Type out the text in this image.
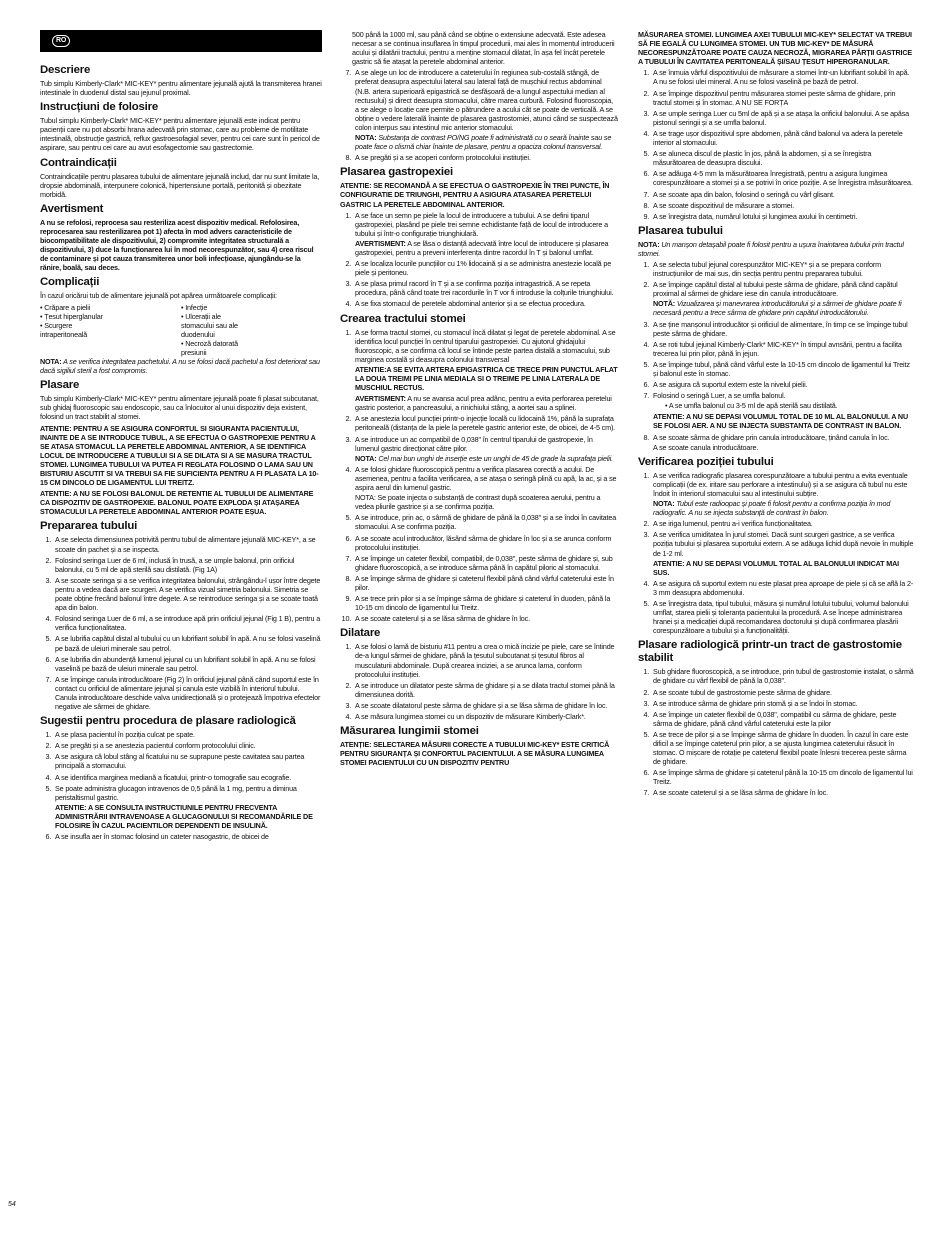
RO
Descriere

Tub simplu Kimberly-Clark* MIC-KEY* pentru alimentare jejunală ajută la transmiterea hranei intestinale în duodenul distal sau jejunul proximal.

Instrucțiuni de folosire

Tubul simplu Kimberly-Clark* MIC-KEY* pentru alimentare jejunală este indicat pentru pacienții care nu pot absorbi hrana adecvată prin stomac, care au probleme de motilitate intestinală, obstrucție gastrică, reflux gastroesofagial sever, pentru cei care sunt în pericol de aspirare, sau pentru cei care au avut esofagectomie sau gastrectomie.

Contraindicații

Contraindicațiile pentru plasarea tubului de alimentare jejunală includ, dar nu sunt limitate la, dropsie abdominală, interpunere colonică, hipertensiune portală, peritonită și obezitate morbidă.

Avertisment

A nu se refolosi, reprocesa sau resteriliza acest dispozitiv medical. Refolosirea, reprocesarea sau resterilizarea pot 1) afecta în mod advers caracteristicile de biocompatibilitate ale dispozitivului, 2) compromite integritatea structurală a dispozitivului, 3) duce la funcționarea lui în mod necorespunzător, sau 4) crea riscul de contaminare și pot cauza transmiterea unor boli infecțioase, ajungându-se la rănire, boală, sau deces.

Complicații

În cazul oricărui tub de alimentare jejunală pot apărea următoarele complicații:

• Crăpare a pielii
• Țesut hiperglanular
• Scurgere intraperitoneală
• Infecție
• Ulcerații ale stomacului sau ale duodenului
• Necroză datorată presiunii

NOTA: A se verifica integritatea pachetului. A nu se folosi dacă pachetul a fost deteriorat sau dacă sigiliul steril a fost compromis.

Plasare

Tub simplu Kimberly-Clark* MIC-KEY* pentru alimentare jejunală poate fi plasat subcutanat, sub ghidaj fluoroscopic sau endoscopic, sau ca înlocuitor al unui dispozitiv deja existent, folosind un tract stabilit al stomei.

ATENTIE: PENTRU A SE ASIGURA CONFORTUL SI SIGURANTA PACIENTULUI, INAINTE DE A SE INTRODUCE TUBUL, A SE EFECTUA O GASTROPEXIE PENTRU A SE ATASA STOMACUL LA PERETELE ABDOMINAL ANTERIOR, A SE IDENTIFICA LOCUL DE INTRODUCERE A TUBULUI SI A SE DILATA SI A SE MASURA TRACTUL STOMEI. LUNGIMEA TUBULUI VA PUTEA FI REGLATA FOLOSIND O LAMA SAU UN BISTURIU ASCUTIT SI VA TREBUI SA FIE SUFICIENTA PENTRU A FI PLASATA LA 10-15 CM DINCOLO DE LIGAMENTUL LUI TREITZ.

ATENTIE: A NU SE FOLOSI BALONUL DE RETENTIE AL TUBULUI DE ALIMENTARE CA DISPOZITIV DE GASTROPEXIE. BALONUL POATE EXPLODA ȘI ATAȘAREA STOMACULUI LA PERETELE ABDOMINAL ANTERIOR POATE EȘUA.

Prepararea tubului
1. A se selecta dimensiunea potrivită pentru tubul de alimentare jejunală MIC-KEY*, a se scoate din pachet și a se inspecta.
2. Folosind seringa Luer de 6 ml, inclusă în trusă, a se umple balonul, prin orificiul balonului, cu 5 ml de apă sterilă sau distilată. (Fig 1A)
3. A se scoate seringa și a se verifica integritatea balonului, strângându-l ușor între degete pentru a vedea dacă are scurgeri. A se verifica vizual simetria balonului. Simetria se poate obține frecând balonul între degete. A se reintroduce seringa și a se scoate toată apa din balon.
4. Folosind seringa Luer de 6 ml, a se introduce apă prin orificiul jejunal (Fig 1 B), pentru a verifica funcționalitatea.
5. A se lubrifia capătul distal al tubului cu un lubrifiant solubil în apă. A nu se folosi vaselină pe bază de uleiuri minerale sau petrol.
6. A se lubrifia din abundență lumenul jejunal cu un lubrifiant solubil în apă. A nu se folosi vaselină pe bază de uleiuri minerale sau petrol.
7. A se împinge canula introducătoare (Fig 2) în orificiul jejunal până când suportul este în contact cu orificiul de alimentare jejunal și canula este vizibilă în interiorul tubului. Canula introducătoare deschide valva unidirecțională și o protejează împotriva efectelor negative ale sârmei de ghidare.
Sugestii pentru procedura de plasare radiologică
1. A se plasa pacientul în poziția culcat pe spate.
2. A se pregăti și a se anestezia pacientul conform protocolului clinic.
3. A se asigura că lobul stâng al ficatului nu se suprapune peste cavitatea sau partea principală a stomacului.
4. A se identifica marginea mediană a ficatului, printr-o tomografie sau ecografie.
5. Se poate administra glucagon intravenos de 0,5 până la 1 mg, pentru a diminua peristaltismul gastric.

ATENTIE: A SE CONSULTA INSTRUCTIUNILE PENTRU FRECVENTA ADMINISTRĂRII INTRAVENOASE A GLUCAGONULUI SI RECOMANDĂRILE DE FOLOSIRE ÎN CAZUL PACIENTILOR DEPENDENTI DE INSULINĂ.

6. A se insufla aer în stomac folosind un cateter nasogastric, de obicei de

500 până la 1000 ml, sau până când se obține o extensiune adecvată. Este adesea necesar a se continua insuflarea în timpul procedurii, mai ales în momentul introducerii acului și dilatării tractului, pentru a menține stomacul dilatat, în așa fel încât peretele gastric să fie atașat la peretele abdominal anterior.

7. A se alege un loc de introducere a cateterului în regiunea sub-costală stângă, de preferat deasupra aspectului lateral sau lateral față de mușchiul rectus abdominal (N.B. artera superioară epigastrică se desfășoară de-a lungul aspectului median al rectusului) și direct deasupra stomacului, către marea curbură. Folosind fluoroscopia, a se alege o locație care permite o pătrundere a acului cât se poate de verticală. A se obține o vedere laterală înainte de plasarea gastrostomiei, atunci când se suspectează colon interpus sau intestinul mic anterior stomacului.

NOTA: Substanța de contrast PO/NG poate fi administrată cu o seară înainte sau se poate face o clismă chiar înainte de plasare, pentru a opaciza colonul transversal.

8. A se pregăti și a se acoperi conform protocolului instituției.
Plasarea gastropexiei

ATENTIE: SE RECOMANDĂ A SE EFECTUA O GASTROPEXIE ÎN TREI PUNCTE, ÎN CONFIGURATIE DE TRIUNGHI, PENTRU A ASIGURA ATASAREA PERETELUI GASTRIC LA PERETELE ABDOMINAL ANTERIOR.

1. A se face un semn pe piele la locul de introducere a tubului. A se defini tiparul gastropexiei, plasând pe piele trei semne echidistante față de locul de introducere a tubului și într-o configurație triunghiulară.

AVERTISMENT: A se lăsa o distanță adecvată între locul de introducere și plasarea gastropexiei, pentru a preveni interferența dintre racordul în T și balonul umflat.

2. A se localiza locurile puncțiilor cu 1% lidocaină și a se administra anestezie locală pe piele și peritoneu.
3. A se plasa primul racord în T și a se confirma poziția intragastrică. A se repeta procedura, până când toate trei racordurile în T vor fi introduse la colțurile triunghiului.
4. A se fixa stomacul de peretele abdominal anterior și a se efectua procedura.
Crearea tractului stomei
1. A se forma tractul stomei, cu stomacul încă dilatat și legat de peretele abdominal. A se identifica locul puncției în centrul tiparului gastropexiei. Cu ajutorul ghidajului fluoroscopic, a se confirma că locul se întinde peste partea distală a stomacului, sub marginea costală și deasupra colonului transversal

ATENTIE:A SE EVITA ARTERA EPIGASTRICA CE TRECE PRIN PUNCTUL AFLAT LA DOUA TREIMI PE LINIA MEDIALA SI O TREIME PE LINIA LATERALA DE MUSCHIUL RECTUS.

AVERTISMENT: A nu se avansa acul prea adânc, pentru a evita perforarea peretelui gastric posterior, a pancreasului, a rinichiului stâng, a aortei sau a splinei.

2. A se anestezia locul puncției printr-o injecție locală cu lidocaină 1%, până la suprafața peritoneală (distanța de la piele la peretele gastric anterior este, de obicei, de 4-5 cm).
3. A se introduce un ac compatibil de 0,038" în centrul tiparului de gastropexie, în lumenul gastric direcționat către pilor.

NOTA: Cel mai bun unghi de inserție este un unghi de 45 de grade la suprafața pielii.

4. A se folosi ghidare fluoroscopică pentru a verifica plasarea corectă a acului. De asemenea, pentru a facilita verificarea, a se atașa o seringă plină cu apă, la ac, și a se aspira aerul din lumenul gastric.

NOTA: Se poate injecta o substanță de contrast după scoaterea aerului, pentru a vedea pliurile gastrice și a se confirma poziția.

5. A se introduce, prin ac, o sârmă de ghidare de până la 0,038" și a se îndoi în cavitatea stomacului. A se confirma poziția.
6. A se scoate acul introducător, lăsând sârma de ghidare în loc și a se arunca conform protocolului instituției.
7. A se împinge un cateter flexibil, compatibil, de 0,038", peste sârma de ghidare și, sub ghidare fluoroscopică, a se introduce sârma până în capătul piloric al stomacului.
8. A se împinge sârma de ghidare și cateterul flexibil până când vârful cateterului este în pilor.
9. A se trece prin pilor și a se împinge sârma de ghidare și cateterul în duoden, până la 10-15 cm dincolo de ligamentul lui Treitz.
10. A se scoate cateterul și a se lăsa sârma de ghidare în loc.
Dilatare
1. A se folosi o lamă de bisturiu #11 pentru a crea o mică incizie pe piele, care se întinde de-a lungul sârmei de ghidare, până la țesutul subcutanat și țesutul fibros al musculaturii abdominale. După crearea inciziei, a se arunca lama, conform protocolului instituției.
2. A se introduce un dilatator peste sârma de ghidare și a se dilata tractul stomei până la dimensiunea dorită.
3. A se scoate dilatatorul peste sârma de ghidare și a se lăsa sârma de ghidare în loc.
4. A se măsura lungimea stomei cu un dispozitiv de măsurare Kimberly-Clark*.
Măsurarea lungimii stomei

ATENȚIE: SELECTAREA MĂSURII CORECTE A TUBULUI MIC-KEY* ESTE CRITICĂ PENTRU SIGURANȚA ȘI CONFORTUL PACIENTULUI. A SE MĂSURA LUNGIMEA STOMEI PACIENTULUI CU UN DISPOZITIV PENTRU

MĂSURAREA STOMEI. LUNGIMEA AXEI TUBULUI MIC-KEY* SELECTAT VA TREBUI SĂ FIE EGALĂ CU LUNGIMEA STOMEI. UN TUB MIC-KEY* DE MĂSURĂ NECORESPUNZĂTOARE POATE CAUZA NECROZĂ, MIGRAREA PĂRȚII GASTRICE A TUBULUI ÎN CAVITATEA PERITONEALĂ ȘI/SAU ȚESUT HIPERGRANULAR.

1. A se înmuia vârful dispozitivului de măsurare a stomei într-un lubrifiant solubil în apă. A nu se folosi ulei mineral. A nu se folosi vaselină pe bază de petrol.
2. A se împinge dispozitivul pentru măsurarea stomei peste sârma de ghidare, prin tractul stomei și în stomac. A NU SE FORȚA
3. A se umple seringa Luer cu 5ml de apă și a se atașa la orificiul balonului. A se apăsa pistonul seringii și a se umfla balonul.
4. A se trage ușor dispozitivul spre abdomen, până când balonul va adera la peretele interior al stomacului.
5. A se aluneca discul de plastic în jos, până la abdomen, și a se înregistra măsurătoarea de deasupra discului.
6. A se adăuga 4-5 mm la măsurătoarea înregistrată, pentru a asigura lungimea corespunzătoare a stomei și a se potrivi în orice poziție. A se înregistra măsurătoarea.
7. A se scoate apa din balon, folosind o seringă cu vârf glisant.
8. A se scoate dispozitivul de măsurare a stomei.
9. A se înregistra data, numărul lotului și lungimea axului în centimetri.
Plasarea tubului

NOTA: Un manșon detașabil poate fi folosit pentru a ușura înaintarea tubului prin tractul stomei.

1. A se selecta tubul jejunal corespunzător MIC-KEY* și a se prepara conform instrucțiunilor de mai sus, din secția pentru pentru prepararea tubului.
2. A se împinge capătul distal al tubului peste sârma de ghidare, până când capătul proximal al sârmei de ghidare iese din canula introducătoare.

NOTĂ: Vizualizarea și manevrarea introducătorului și a sârmei de ghidare poate fi necesară pentru a trece sârma de ghidare prin capătul introducătorului.

3. A se ține manșonul introducător și orificiul de alimentare, în timp ce se împinge tubul peste sârma de ghidare.
4. A se roti tubul jejunal Kimberly-Clark* MIC-KEY* în timpul avnsării, pentru a facilita trecerea lui prin pilor, până în jejun.
5. A se împinge tubul, până când vârful este la 10-15 cm dincolo de ligamentul lui Treitz și balonul este în stomac.
6. A se asigura că suportul extern este la nivelul pielii.
7. Folosind o seringă Luer, a se umfla balonul.
• A se umfla balonul cu 3-5 ml de apă sterilă sau distilată.

ATENTIE: A NU SE DEPASI VOLUMUL TOTAL DE 10 ML AL BALONULUI. A NU SE FOLOSI AER. A NU SE INJECTA SUBSTANTA DE CONTRAST IN BALON.

8. A se scoate sârma de ghidare prin canula introducătoare, ținând canula în loc.

A se scoate canula introducătoare.

Verificarea poziției tubului
1. A se verifica radiografic plasarea corespunzătoare a tubului pentru a evita eventuale complicații (de ex. iritare sau perforare a intestinului) și a se asigura că tubul nu este îndoit în interiorul stomacului sau al intestinului subțire.

NOTA: Tubul este radioopac și poate fi folosit pentru a confirma poziția în mod radiografic. A nu se injecta substanță de contrast în balon.

2. A se iriga lumenul, pentru a-i verifica funcționalitatea.
3. A se verifica umiditatea în jurul stomei. Dacă sunt scurgeri gastrice, a se verifica poziția tubului și plasarea suportului extern. A se adăuga lichid după nevoie în multiple de 1-2 ml.

ATENTIE: A NU SE DEPASI VOLUMUL TOTAL AL BALONULUI INDICAT MAI SUS.

4. A se asigura că suportul extern nu este plasat prea aproape de piele și că se află la 2-3 mm deasupra abdomenului.
5. A se înregistra data, tipul tubului, măsura și numărul lotului tubului, volumul balonului umflat, starea pielii și toleranța pacientului la procedură. A se începe administrarea hranei și a medicației după recomandarea doctorului și după confirmarea plasării corespunzătoare a tubului și a funcționalității.
Plasare radiologică printr-un tract de gastrostomie stabilit
1. Sub ghidare fluoroscopică, a se introduce, prin tubul de gastrostomie instalat, o sârmă de ghidare cu vârf flexibil de până la 0,038".
2. A se scoate tubul de gastrostomie peste sârma de ghidare.
3. A se introduce sârma de ghidare prin stomă și a se îndoi în stomac.
4. A se împinge un cateter flexibil de 0,038", compatibil cu sârma de ghidare, peste sârma de ghidare, până când vârful cateterului este la pilor
5. A se trece de pilor și a se împinge sârma de ghidare în duoden. În cazul în care este dificil a se împinge cateterul prin pilor, a se ajusta lungimea cateterului răsucit în stomac. O mișcare de rotație pe cateterul flexibil poate înlesni trecerea peste sârma de ghidare.
6. A se împinge sârma de ghidare și cateterul până la 10-15 cm dincolo de ligamentul lui Treitz.
7. A se scoate cateterul și a se lăsa sârma de ghidare în loc.
54
